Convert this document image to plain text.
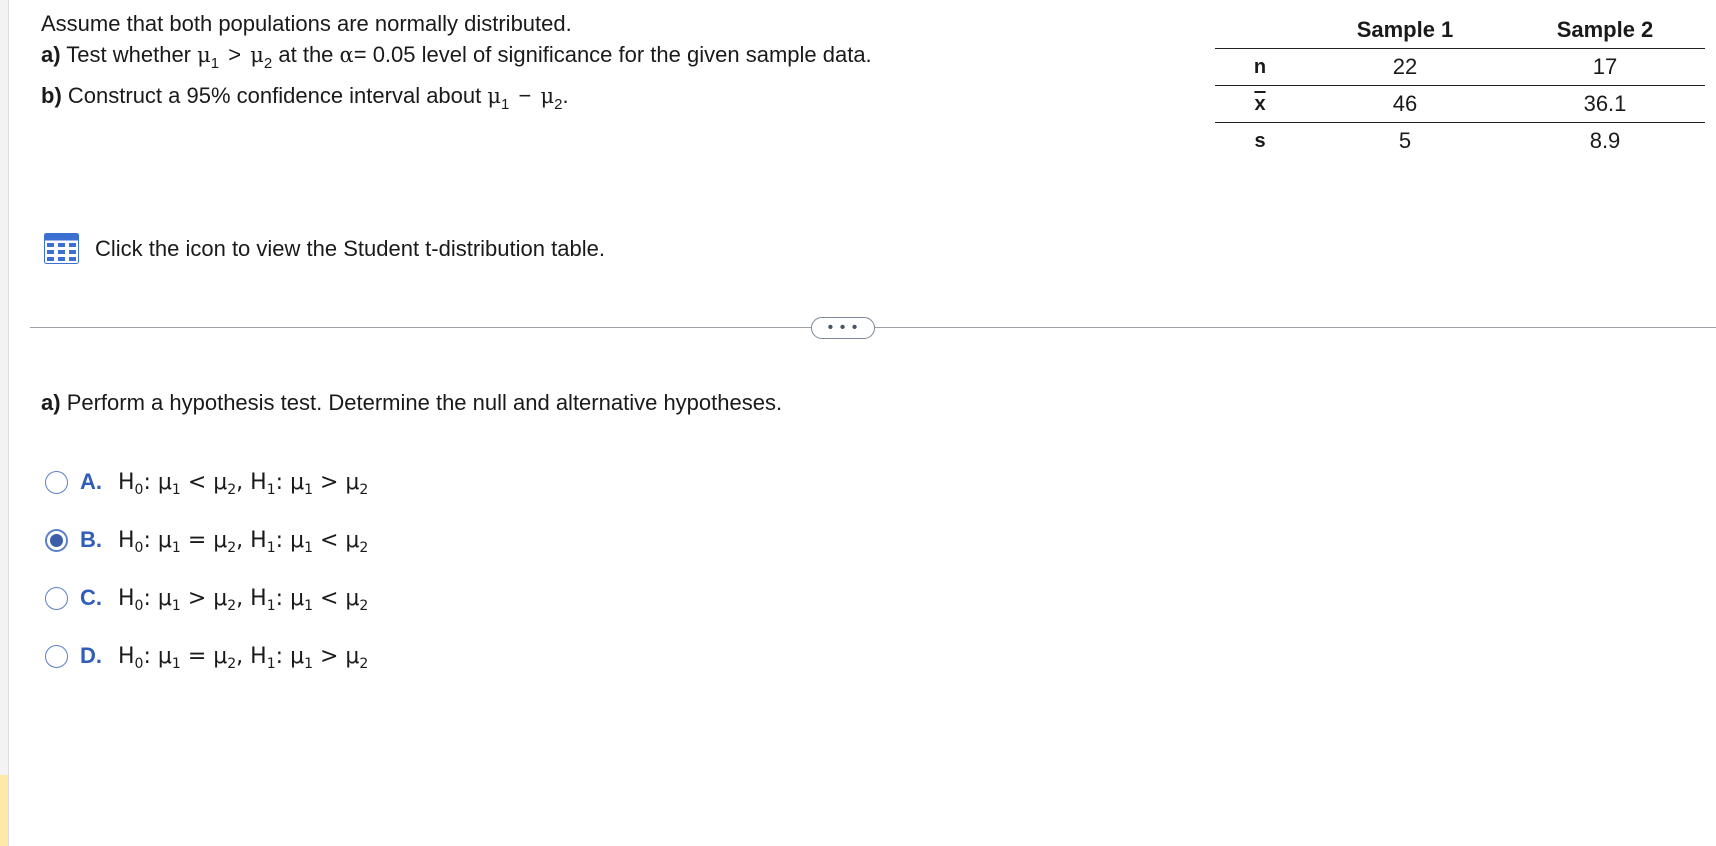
Assume that both populations are normally distributed.
a) Test whether $\mu_1 > \mu_2$ at the α= 0.05 level of significance for the given sample data.
b) Construct a 95% confidence interval about $\mu_1 - \mu_2$.
	Sample 1	Sample 2
n	22	17
$\overline{x}$	46	36.1
s	5	8.9
Click the icon to view the Student t-distribution table.
• • •
a) Perform a hypothesis test. Determine the null and alternative hypotheses.
A. $H_0$: $\mu_1 < \mu_2$, $H_1$: $\mu_1 > \mu_2$
B. $H_0$: $\mu_1 = \mu_2$, $H_1$: $\mu_1 < \mu_2$
C. $H_0$: $\mu_1 > \mu_2$, $H_1$: $\mu_1 < \mu_2$
D. $H_0$: $\mu_1 = \mu_2$, $H_1$: $\mu_1 > \mu_2$
